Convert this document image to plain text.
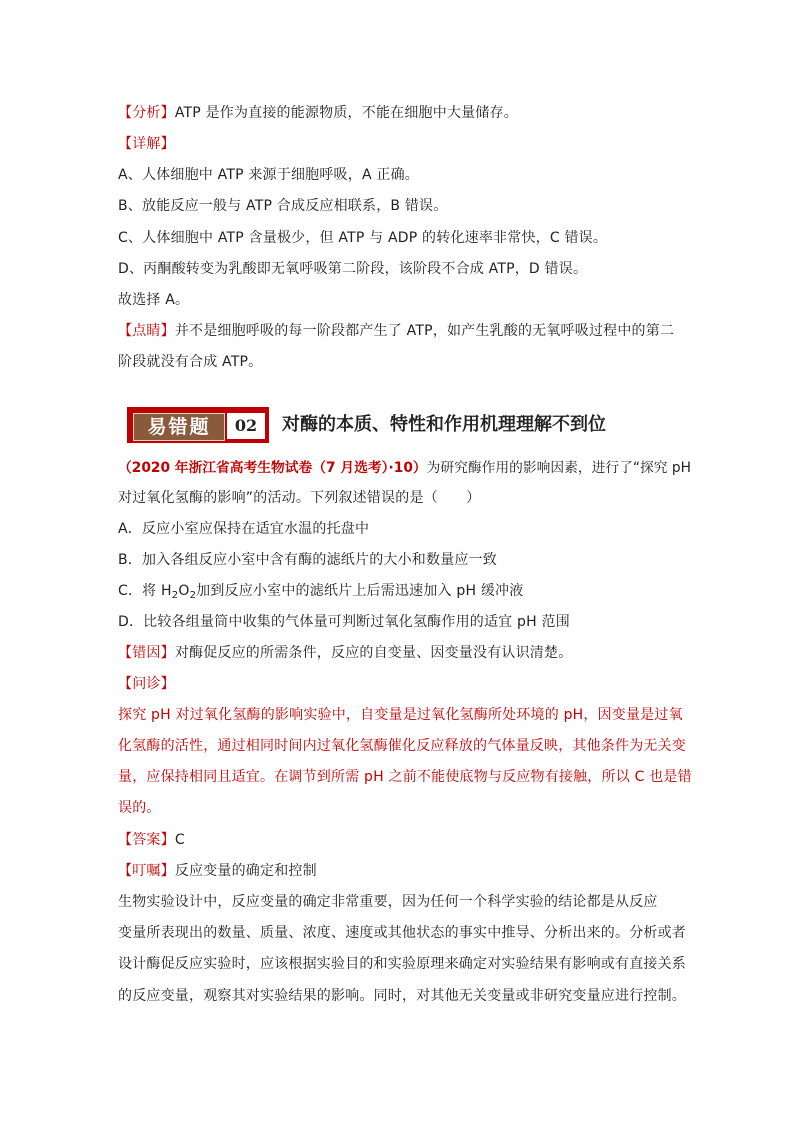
【分析】ATP 是作为直接的能源物质，不能在细胞中大量储存。
【详解】
A、人体细胞中 ATP 来源于细胞呼吸，A 正确。
B、放能反应一般与 ATP 合成反应相联系，B 错误。
C、人体细胞中 ATP 含量极少，但 ATP 与 ADP 的转化速率非常快，C 错误。
D、丙酮酸转变为乳酸即无氧呼吸第二阶段，该阶段不合成 ATP，D 错误。
故选择 A。
【点睛】并不是细胞呼吸的每一阶段都产生了 ATP，如产生乳酸的无氧呼吸过程中的第二
阶段就没有合成 ATP。
易错题	02	对酶的本质、特性和作用机理理解不到位
（2020 年浙江省高考生物试卷（7 月选考）·10）为研究酶作用的影响因素，进行了“探究 pH
对过氧化氢酶的影响”的活动。下列叙述错误的是（　　）
A．反应小室应保持在适宜水温的托盘中
B．加入各组反应小室中含有酶的滤纸片的大小和数量应一致
C．将 $H_2O_2$加到反应小室中的滤纸片上后需迅速加入 pH 缓冲液
D．比较各组量筒中收集的气体量可判断过氧化氢酶作用的适宜 pH 范围
【错因】对酶促反应的所需条件，反应的自变量、因变量没有认识清楚。
【问诊】
探究 pH 对过氧化氢酶的影响实验中，自变量是过氧化氢酶所处环境的 pH，因变量是过氧
化氢酶的活性，通过相同时间内过氧化氢酶催化反应释放的气体量反映，其他条件为无关变
量，应保持相同且适宜。在调节到所需 pH 之前不能使底物与反应物有接触，所以 C 也是错
误的。
【答案】C
【叮嘱】反应变量的确定和控制
生物实验设计中，反应变量的确定非常重要，因为任何一个科学实验的结论都是从反应
变量所表现出的数量、质量、浓度、速度或其他状态的事实中推导、分析出来的。分析或者
设计酶促反应实验时，应该根据实验目的和实验原理来确定对实验结果有影响或有直接关系
的反应变量，观察其对实验结果的影响。同时，对其他无关变量或非研究变量应进行控制。
